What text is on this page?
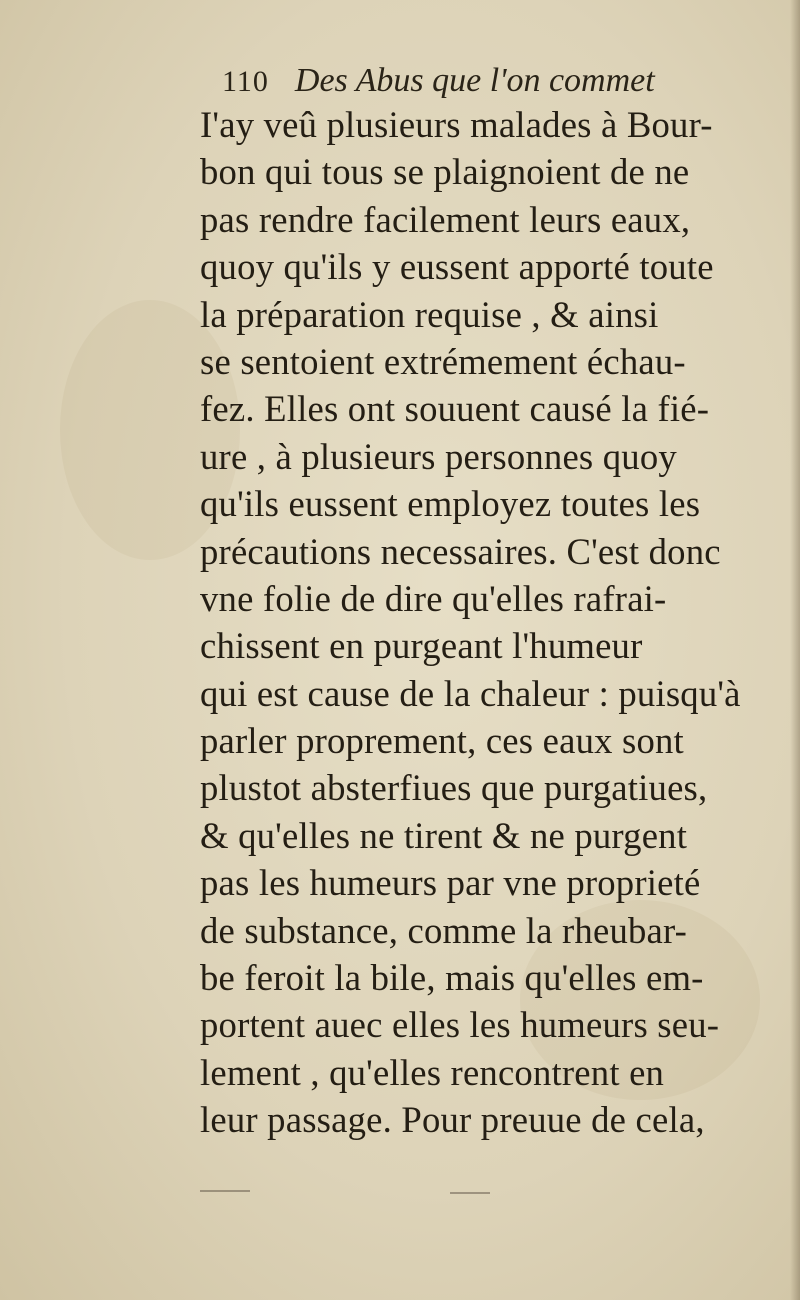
110 Des Abus que l'on commet
I'ay veû plusieurs malades à Bour-
bon qui tous se plaignoient de ne
pas rendre facilement leurs eaux,
quoy qu'ils y eussent apporté toute
la préparation requise , & ainsi
se sentoient extrémement échau-
fez. Elles ont souuent causé la fié-
ure , à plusieurs personnes quoy
qu'ils eussent employez toutes les
précautions necessaires. C'est donc
vne folie de dire qu'elles rafrai-
chissent en purgeant l'humeur
qui est cause de la chaleur : puisqu'à
parler proprement, ces eaux sont
plustot absterfiues que purgatiues,
& qu'elles ne tirent & ne purgent
pas les humeurs par vne proprieté
de substance, comme la rheubar-
be feroit la bile, mais qu'elles em-
portent auec elles les humeurs seu-
lement , qu'elles rencontrent en
leur passage. Pour preuue de cela,
